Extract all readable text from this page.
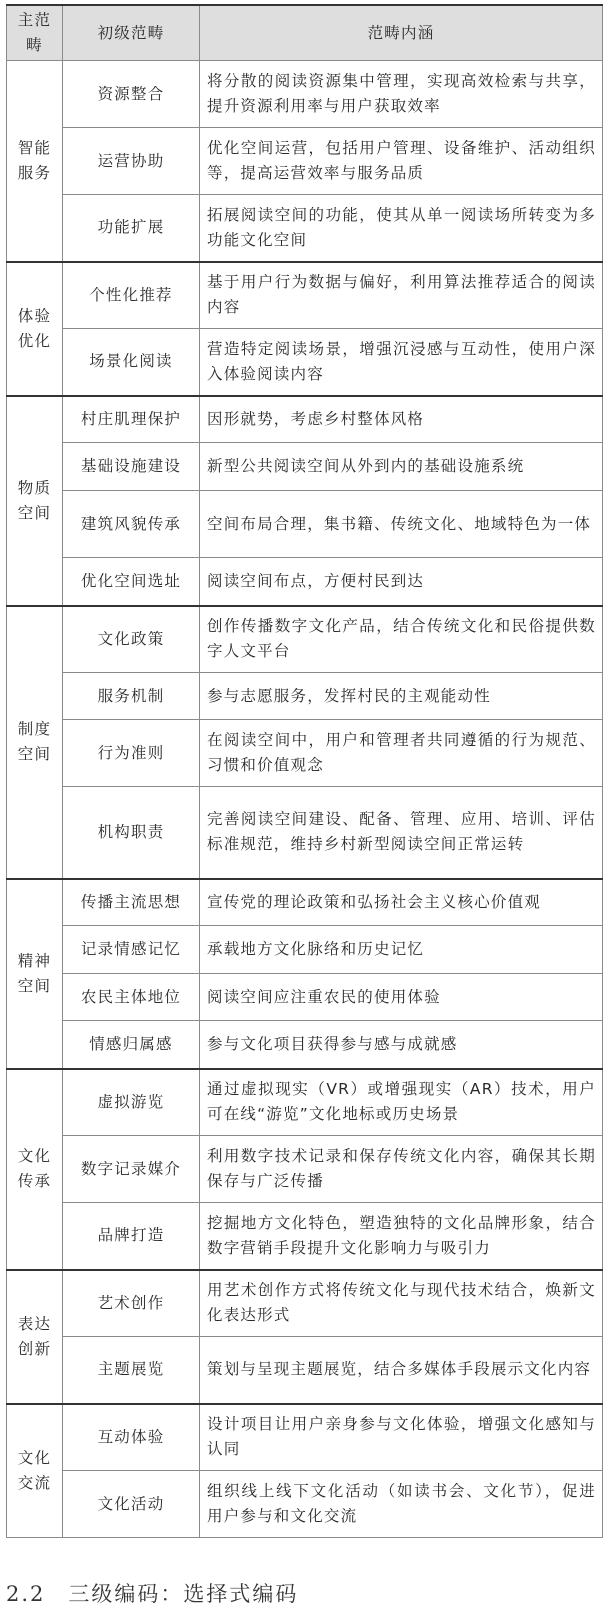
主范畴	初级范畴	范畴内涵
智能服务	资源整合	将分散的阅读资源集中管理，实现高效检索与共享，提升资源利用率与用户获取效率
	运营协助	优化空间运营，包括用户管理、设备维护、活动组织等，提高运营效率与服务品质
	功能扩展	拓展阅读空间的功能，使其从单一阅读场所转变为多功能文化空间
体验优化	个性化推荐	基于用户行为数据与偏好，利用算法推荐适合的阅读内容
	场景化阅读	营造特定阅读场景，增强沉浸感与互动性，使用户深入体验阅读内容
物质空间	村庄肌理保护	因形就势，考虑乡村整体风格
	基础设施建设	新型公共阅读空间从外到内的基础设施系统
	建筑风貌传承	空间布局合理，集书籍、传统文化、地域特色为一体
	优化空间选址	阅读空间布点，方便村民到达
制度空间	文化政策	创作传播数字文化产品，结合传统文化和民俗提供数字人文平台
	服务机制	参与志愿服务，发挥村民的主观能动性
	行为准则	在阅读空间中，用户和管理者共同遵循的行为规范、习惯和价值观念
	机构职责	完善阅读空间建设、配备、管理、应用、培训、评估标准规范，维持乡村新型阅读空间正常运转
精神空间	传播主流思想	宣传党的理论政策和弘扬社会主义核心价值观
	记录情感记忆	承载地方文化脉络和历史记忆
	农民主体地位	阅读空间应注重农民的使用体验
	情感归属感	参与文化项目获得参与感与成就感
文化传承	虚拟游览	通过虚拟现实（VR）或增强现实（AR）技术，用户可在线“游览”文化地标或历史场景
	数字记录媒介	利用数字技术记录和保存传统文化内容，确保其长期保存与广泛传播
	品牌打造	挖掘地方文化特色，塑造独特的文化品牌形象，结合数字营销手段提升文化影响力与吸引力
表达创新	艺术创作	用艺术创作方式将传统文化与现代技术结合，焕新文化表达形式
	主题展览	策划与呈现主题展览，结合多媒体手段展示文化内容
文化交流	互动体验	设计项目让用户亲身参与文化体验，增强文化感知与认同
	文化活动	组织线上线下文化活动（如读书会、文化节），促进用户参与和文化交流
2.2　三级编码：选择式编码
